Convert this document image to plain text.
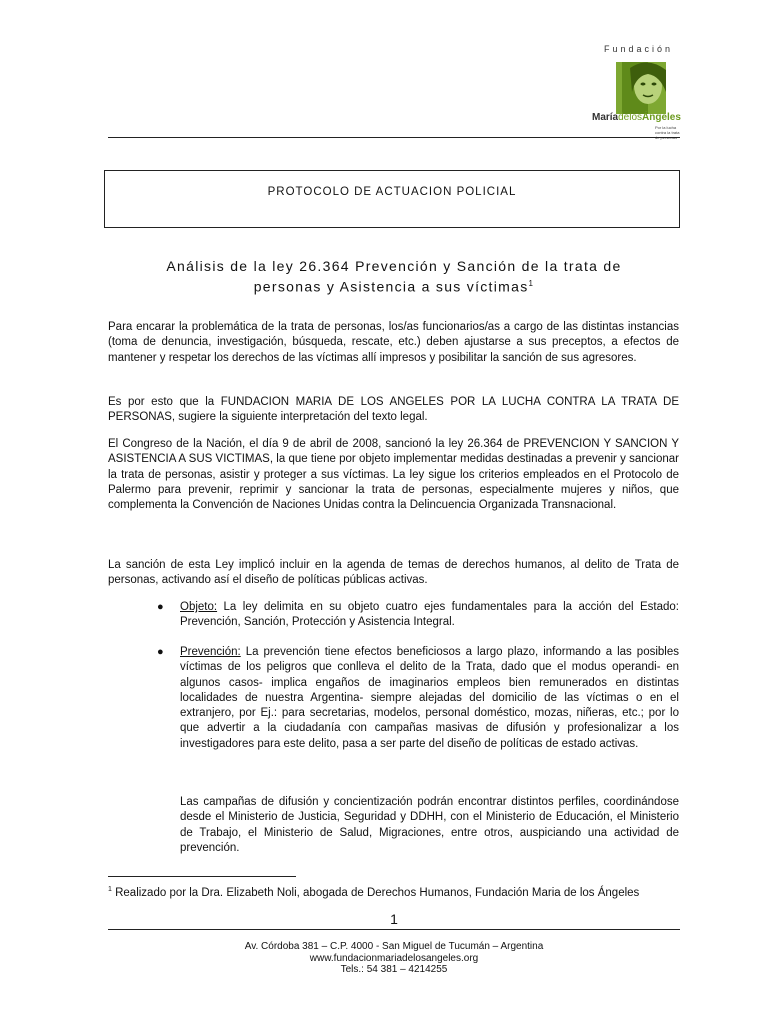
Fundación
MaríadelosÁngeles
Por la lucha contra la trata
PROTOCOLO DE ACTUACION POLICIAL
Análisis de la ley 26.364 Prevención y Sanción de la trata de
personas y Asistencia a sus víctimas$^1$
Para encarar la problemática de la trata de personas, los/as funcionarios/as a cargo de las distintas instancias (toma de denuncia, investigación, búsqueda, rescate, etc.) deben ajustarse a sus preceptos, a efectos de mantener y respetar los derechos de las víctimas allí impresos y posibilitar la sanción de sus agresores.
Es por esto que la FUNDACION MARIA DE LOS ANGELES POR LA LUCHA CONTRA LA TRATA DE PERSONAS, sugiere la siguiente interpretación del texto legal.
El Congreso de la Nación, el día 9 de abril de 2008, sancionó la ley 26.364 de PREVENCION Y SANCION Y ASISTENCIA A SUS VICTIMAS, la que tiene por objeto implementar medidas destinadas a prevenir y sancionar la trata de personas, asistir y proteger a sus víctimas. La ley sigue los criterios empleados en el Protocolo de Palermo para prevenir, reprimir y sancionar la trata de personas, especialmente mujeres y niños, que complementa la Convención de Naciones Unidas contra la Delincuencia Organizada Transnacional.
La sanción de esta Ley implicó incluir en la agenda de temas de derechos humanos, al delito de Trata de personas, activando así el diseño de políticas públicas activas.
● Objeto: La ley delimita en su objeto cuatro ejes fundamentales para la acción del Estado: Prevención, Sanción, Protección y Asistencia Integral.
● Prevención: La prevención tiene efectos beneficiosos a largo plazo, informando a las posibles víctimas de los peligros que conlleva el delito de la Trata, dado que el modus operandi- en algunos casos- implica engaños de imaginarios empleos bien remunerados en distintas localidades de nuestra Argentina- siempre alejadas del domicilio de las víctimas o en el extranjero, por Ej.: para secretarias, modelos, personal doméstico, mozas, niñeras, etc.; por lo que advertir a la ciudadanía con campañas masivas de difusión y profesionalizar a los investigadores para este delito, pasa a ser parte del diseño de políticas de estado activas.
Las campañas de difusión y concientización podrán encontrar distintos perfiles, coordinándose desde el Ministerio de Justicia, Seguridad y DDHH, con el Ministerio de Educación, el Ministerio de Trabajo, el Ministerio de Salud, Migraciones, entre otros, auspiciando una actividad de prevención.
$^1$ Realizado por la Dra. Elizabeth Noli, abogada de Derechos Humanos, Fundación Maria de los Ángeles
1
Av. Córdoba 381 – C.P. 4000 - San Miguel de Tucumán – Argentina
www.fundacionmariadelosangeles.org
Tels.: 54 381 – 4214255
